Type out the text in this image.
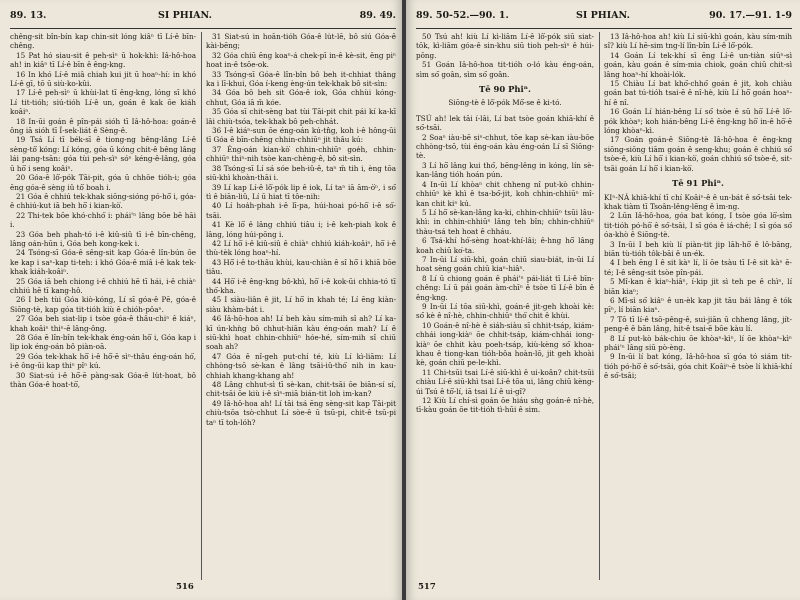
89. 13.	SI PHIAN.	89. 49.

chêng-sit bîn-bín kap chin-sit lóng kiâⁿ tī Lí-ê bīn-chêng.

15 Pat hó siau-sit ê peh-sìⁿ ū hok-khì: Iâ-hô-hoa ah! in kiâⁿ tī Lí-ê bīn ê êng-kng.

16 In khó Lí-ê miâ chiah kui jit ū hoaⁿ-hí: in khó Lí-ê gī, tō ū siù-ko-kûi.

17 Lí-ê peh-sìⁿ ū khùi-lat tī êng-kng, lóng sī khó Lí tit-tióh; siú-tióh Lí-ê un, goán ê kak ōe kiáh koâiⁿ.

18 In-ūi goán ê pîn-pái sióh tī Iâ-hô-hoa: goán-ê ông iā sióh tī Í-sek-liát ê Sèng-ê.

19 Tsá Lí tī bék-sī ê tiong-ng bêng-lâng Lí-ê sèng-tô͘ kóng: Lí kóng, góa ū kóng chit-ê bêng lâng lái pang-tsān: góa tùi peh-sìⁿ sóⁿ kéng-ê-lâng, góa ū hō͘ i seng koâiⁿ.

20 Góa-ê lô͘-pók Tāi-pit, góa ū chhōe tióh-i; góa ēng góa-ê sèng iû tô͘ boah i.

21 Góa ê chhiú tek-khak siōng-sióng pó-hō͘ i, góa-ê chhiú-kut iā beh hō͘ i kian-kò͘.

22 Thi-tek bōe khó-chhó͘ i: phái'ⁿ lâng bōe bē hāi i.

23 Góa beh phah-tó i-ê kiû-siû tī i-ê bīn-chêng, lâng oán-hūn i, Góa beh kong-kek i.

24 Tsóng-sī Góa-ê sêng-sit kap Góa-ê lîn-bún ōe ke kap i saⁿ-kap ti-teh: i khó Góa-ê miâ i-ê kak tek-khak kiáh-koâiⁿ.

25 Góa iā beh chiong i-ê chhiú hē tī hái, i-ê chiàⁿ chhiú hē tī kang-hô.

26 I beh tùi Góa kiò-kóng, Lí sī góa-ê Pē, góa-ê Siōng-tè, kap góa tit-tióh kiù ê chióh-pôaⁿ.

27 Góa beh siat-lip i tsòe góa-ê thâu-chiⁿ ê kiáⁿ, khah koâiⁿ thiⁿ-ē lâng-ông.

28 Góa ē lîn-bîn tek-khak éng-oán hō͘ i, Góa kap i lip iok éng-oán bô piàn-oā.

29 Góa tek-khak hō͘ i-ê hō͘-ē sìⁿ-thâu éng-oán hó͘, i-ê ông-ūi kap thiⁿ pîⁿ kú.

30 Siat-sú i-ê hō͘-ē pàng-sak Góa-ê lu̍t-hoat, bô thàn Góa-ê hoat-tō͘,

31 Siat-sú in hoān-tióh Góa-ê lu̍t-lē, bô siú Góa-ê kài-bēng;

32 Góa chiū ēng koaⁿ-á chek-pī in-ê kè-sit, ēng piⁿ hoat in-ê tsōe-ok.

33 Tsóng-sī Góa-ê lîn-bîn bô beh it-chhiat thâng ka i lī-khui, Góa í-keng èng-ún tek-khak bô sit-sìn:

34 Góa bô beh sit Góa-ê iok, Góa chhùi kóng-chhut, Góa iā m̄ kóe.

35 Góa sī chit-sèng bat tùi Tāi-pit chit pái kí ka-kī lâi chiù-tsóa, tek-khak bô peh-chhát.

36 I-ê kiáⁿ-sun ōe éng-oán kú-tn̂g, koh i-ê hông-ūi tī Góa ê bīn-chêng chhin-chhiūⁿ jit thâu kú:

37 Éng-oán kian-kò͘ chhin-chhiūⁿ goe̍h, chhin-chhiūⁿ thiⁿ-nih tsòe kan-chèng-ê, bô sit-sìn.

38 Tsóng-sī Lí sá sóe beh-iû-ê, taⁿ m̄ tih i, èng tōa siū-khì khoàn-thāi i.

39 Lí kap Lí-ê lô͘-pók lip ê iok, Lí taⁿ iā ām-ò͘ⁿ, i só͘ tì ê biān-liû, Lí ū hiat tī tôe-nih:

40 Lí hoa̍h-phah i-ê lī-pa, húi-hoai pó-hō͘ i-ê só͘-tsāi.

41 Kè lō͘ ê lâng chhiú tiâu i; i-ê keh-piah kok ê lâng, lóng húi-pōng i.

42 Lí hō͘ i-ê kiû-siû ê chiàⁿ chhiú kiáh-koâiⁿ, hō͘ i-ê thù-tèk lóng hoaⁿ-hí.

43 Hō͘ i-ê to-thâu khùi, kau-chiàn ê sî hō͘ i khiā bōe tiâu.

44 Hō͘ i-ê êng-kng bô-khì, hō͘ i-ê kok-ūi chhia-tó tī thó͘-kha.

45 I siàu-liân ê jit, Lí hō͘ in khah té; Lí ēng kiàn-siàu khàm-bát i.

46 Iâ-hô-hoa ah! Lí beh kàu sím-mih sî ah? Lí ka-kī ún-khǹg bô chhut-hiān kàu éng-oán mah? Lí ê siū-khì hoat chhin-chhiūⁿ hóe-hé, sím-mih sî chiū soah ah?

47 Góa ê nî-geh put-chí té, kiù Lí kì-liām: Lí chhòng-tsō sè-kan ê lâng tsāi-iû-thó͘ nih in kau-chhiah khang-khang ah!

48 Lâng chhut-sì tī sè-kan, chit-tsāi ōe biān-sí sí, chit-tsāi ōe kiù i-ê sìⁿ-miā bián-tit loh im-kan?

49 Iâ-hô-hoa ah! Lí tāi tsá ēng sèng-sit kap Tāi-pit chiù-tsōa tsò-chhut Lí sòe-ê ū tsū-pi, chit-ê tsū-pi taⁿ tī toh-lóh?

516
89. 50-52.—90. 1.	SI PHIAN.	90. 17.—91. 1-9

50 Tsú ah! kiù Lí kì-liām Lí-ê lô͘-pók siū siat-tōk, kì-liām góa-ê sin-khu siū tioh peh-sìⁿ ê húi-pōng.

51 Goán Iâ-hô-hoa tit-tióh o-ló kàu éng-oán, sìm só͘ goân, sìm só͘ goân.

Tē 90 Phiⁿ.
Siōng-tè ê lô͘-pók Mô͘-se ê ki-tó.

TSÚ ah! lek tāi í-lâi, Lí bat tsòe goán khiā-khí ê só͘-tsāi.

2 Soaⁿ iàu-bē siⁿ-chhut, tōe kap sè-kan iàu-bōe chhòng-tsō, tùi éng-oán kàu éng-oán Lí sī Siōng-tè.

3 Lí hō͘ lâng kui thó͘, bēng-lêng in kóng, lín sè-kan-lâng tióh hoán pún.

4 In-ūi Lí khòaⁿ chit chheng nî put-kò chhin-chhiūⁿ kè khì ê tsa-bó͘-jit, koh chhin-chhiūⁿ mî-kan chit kiⁿ kú.

5 Lí hō͘ sè-kan-lâng ka-ki, chhin-chhiūⁿ tsūi lâu-khì: in chhin-chhiūⁿ lâng teh bîn; chhin-chhiūⁿ thàu-tsá teh hoat ê chháu.

6 Tsá-khí hó͘-sèng hoat-khí-lâi; ê-hng hō͘ lâng koah chiū ko͘-ta.

7 In-ūi Lí siū-khì, goán chiū siau-biát, in-ūi Lí hoat sèng goán chiū kiaⁿ-hiâⁿ.

8 Lí ū chiong goán ê phái'ⁿ pái-liát tī Lí-ê bīn-chêng: Lí ū pái goán àm-chīⁿ ê tsòe tī Lí-ê bīn ê êng-kng.

9 In-ūi Lí tōa siū-khì, goán-ê jit-geh khoài kè: só͘ kè ê nî-hè, chhin-chhiūⁿ thó͘ chit ê khùi.

10 Goán-ê nî-hè ê siáh-siàu sī chhit-tsáp, kiám-chhái iong-kiàⁿ ōe chhit-tsáp, kiám-chhái iong-kiàⁿ ōe chhit kàu poeh-tsáp, kiù-kèng só͘ khoa-khau ê tiong-kan tióh-bôa hoàn-lō, jit geh khoài kè, goán chiū pe-le-khì.

11 Chi-tsūi tsai Lí-ê siū-khì ê ui-koân? chit-tsūi chiàu Lí-ê siū-khì tsai Lí-ê tōa ui, lâng chiū kèng-úi Tsú ê tō͘-lí, iā tsai Lí ê ui-gî?

12 Kiù Lí chí-sì goán ōe hiáu sǹg goán-ê nî-hè, tī-kàu goán ōe tit-tióh tì-hūi ê sim.

13 Iâ-hô-hoa ah! kiù Lí siū-khì goán, kàu sím-mih sî? kiù Lí hē-sim tng-lí lîn-bîn Lí-ê lô͘-pók.

14 Goán Lí tek-khí sī ēng Lí-ê un-tiàn siūⁿ-sì goán, kàu goán ê sím-mia chiok, goán chiū chit-sì lâng hoaⁿ-hí khoài-lók.

15 Chiàu Lí bat khó͘-chhó͘ goán ê jit, koh chiàu goán bat tú-tióh tsai-ē ê nî-hè, kiù Lí hō͘ goán hoaⁿ-hí ê nî.

16 Goán Lí hián-bêng Lí só͘ tsòe ê sū hō͘ Lí-ê lô͘-pók khòaⁿ; koh hián-bêng Lí-ê êng-kng hō͘ in-ê hō͘-ē lóng khòaⁿ-kì.

17 Goán goán-ê Siōng-tè Iâ-hô-hoa ê êng-kng siōng-siōng tiām goán ê seng-khu; goán ê chhiú só͘ tsòe-ê, kiù Lí hō͘ i kian-kò͘, goán chhiú só͘ tsòe-ê, sit-tsāi goán Lí hō͘ i kian-kò͘.

Tē 91 Phiⁿ.

KIⁿ-NÁ khiā-khí tī chí Koâiⁿ-ê ê un-bát ê só͘-tsāi tek-khak tiàm tī Tsoân-lêng-lēng ê ìm-ng.

2 Lūn Iâ-hô-hoa, góa bat kóng, I tsòe góa lō͘-sìm tit-tióh pó-hō͘ ê só͘-tsāi, I sī góa ê iá-chê; I sī góa só͘ óa-khò ê Siōng-tè.

3 In-ūi I beh kiù lí piàn-tit jip lāh-hō͘ ê lô-bāng, biān tù-tióh tôk-bāi ê un-ék.

4 I beh ēng I ê sit kàⁿ lí, lí ōe tsàu tī I-ê sit kàⁿ ē-té; I-ê sêng-sit tsòe pîn-pái.

5 Mî-kan ê kiaⁿ-hiâⁿ, í-kip jit sì teh pe ê chìⁿ, lí biān kiaⁿ;

6 Mî-sì só͘ kiâⁿ ê un-èk kap jit tāu bái lâng ê tók pīⁿ, lí biān kiaⁿ.

7 Tō tī lí-ê tsō-pêng-ê, sui-jiān ū chheng lâng, jít-peng-ê ē bān lâng, hit-ê tsai-ē bōe kàu lí.

8 Lí put-kò bák-chiu ōe khòaⁿ-kìⁿ, lí ōe khòaⁿ-kìⁿ phái'ⁿ lâng siū pò-èng.

9 In-ūi lí bat kóng, Iâ-hô-hoa sī góa tó siám tit-tióh pó-hō͘ ê só͘-tsāi, góa chit Koâiⁿ-ê tsòe lí khiā-khí ê só͘-tsāi;

517
